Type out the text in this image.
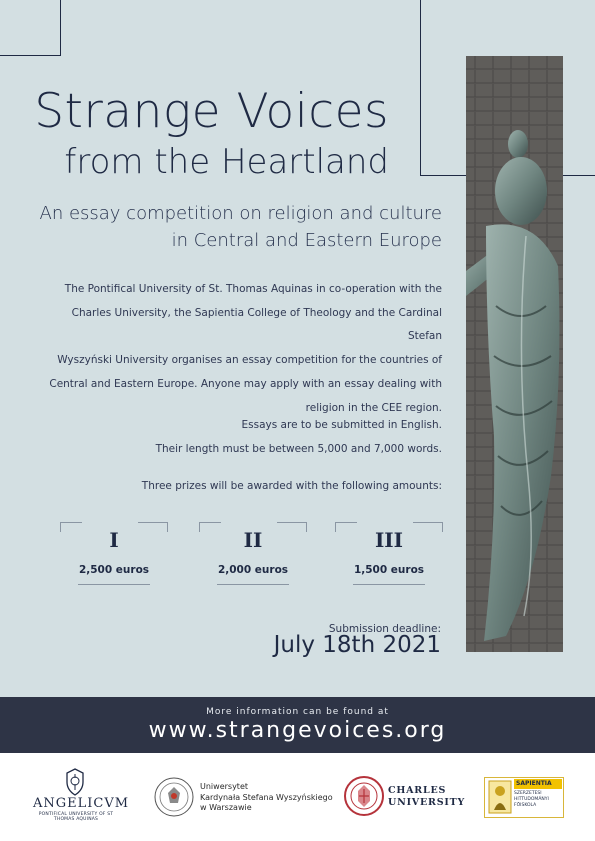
Strange Voices
from the Heartland
An essay competition on religion and culture
in Central and Eastern Europe
The Pontifical University of St. Thomas Aquinas in co-operation with the
Charles University, the Sapientia College of Theology and the Cardinal Stefan
Wyszyński University organises an essay competition for the countries of
Central and Eastern Europe. Anyone may apply with an essay dealing with
religion in the CEE region.
Essays are to be submitted in English.
Their length must be between 5,000 and 7,000 words.
Three prizes will be awarded with the following amounts:
I
2,500 euros
II
2,000 euros
III
1,500 euros
Submission deadline:
July 18th 2021
More information can be found at
www.strangevoices.org
ANGELICVM
PONTIFICAL UNIVERSITY OF ST THOMAS AQUINAS
Uniwersytet
Kardynała Stefana Wyszyńskiego
w Warszawie
CHARLES
UNIVERSITY
SAPIENTIA
SZERZETESI
HITTUDOMÁNYI
FŐISKOLA
